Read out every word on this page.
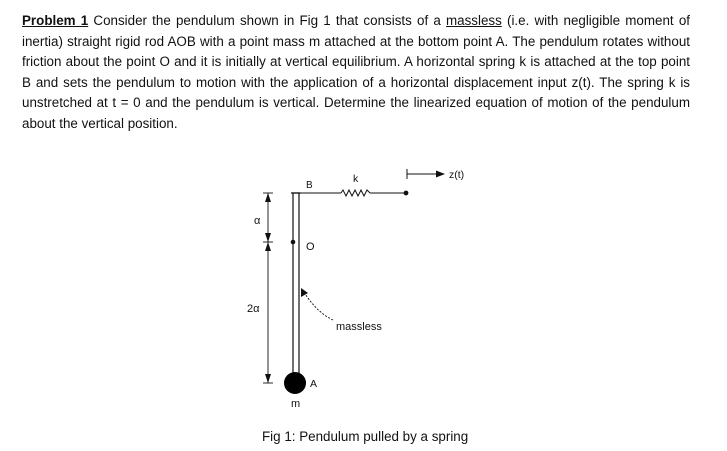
Problem 1 Consider the pendulum shown in Fig 1 that consists of a massless (i.e. with negligible moment of inertia) straight rigid rod AOB with a point mass m attached at the bottom point A. The pendulum rotates without friction about the point O and it is initially at vertical equilibrium. A horizontal spring k is attached at the top point B and sets the pendulum to motion with the application of a horizontal displacement input z(t). The spring k is unstretched at t = 0 and the pendulum is vertical. Determine the linearized equation of motion of the pendulum about the vertical position.
B
O
A
m
k	z(t)
α
2α
massless
Fig 1: Pendulum pulled by a spring
